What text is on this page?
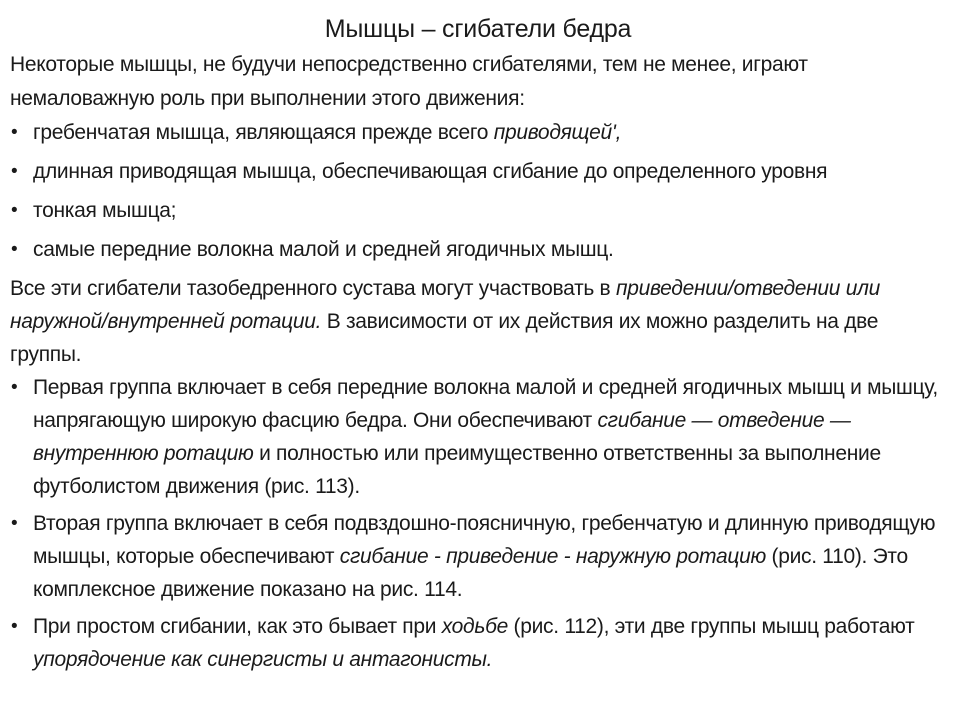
Мышцы – сгибатели бедра

Некоторые мышцы, не будучи непосредственно сгибателями, тем не менее, играют немаловажную роль при выполнении этого движения:

• гребенчатая мышца, являющаяся прежде всего приводящей',
• длинная приводящая мышца, обеспечивающая сгибание до определенного уровня
• тонкая мышца;
• самые передние волокна малой и средней ягодичных мышц.

Все эти сгибатели тазобедренного сустава могут участвовать в приведении/отведении или наружной/внутренней ротации. В зависимости от их действия их можно разделить на две группы.

• Первая группа включает в себя передние волокна малой и средней ягодичных мышц и мышцу, напрягающую широкую фасцию бедра. Они обеспечивают сгибание — отведение — внутреннюю ротацию и полностью или преимущественно ответственны за выполнение футболистом движения (рис. 113).
• Вторая группа включает в себя подвздошно-поясничную, гребенчатую и длинную приводящую мышцы, которые обеспечивают сгибание - приведение - наружную ротацию (рис. 110). Это комплексное движение показано на рис. 114.
• При простом сгибании, как это бывает при ходьбе (рис. 112), эти две группы мышц работают упорядочение как синергисты и антагонисты.
